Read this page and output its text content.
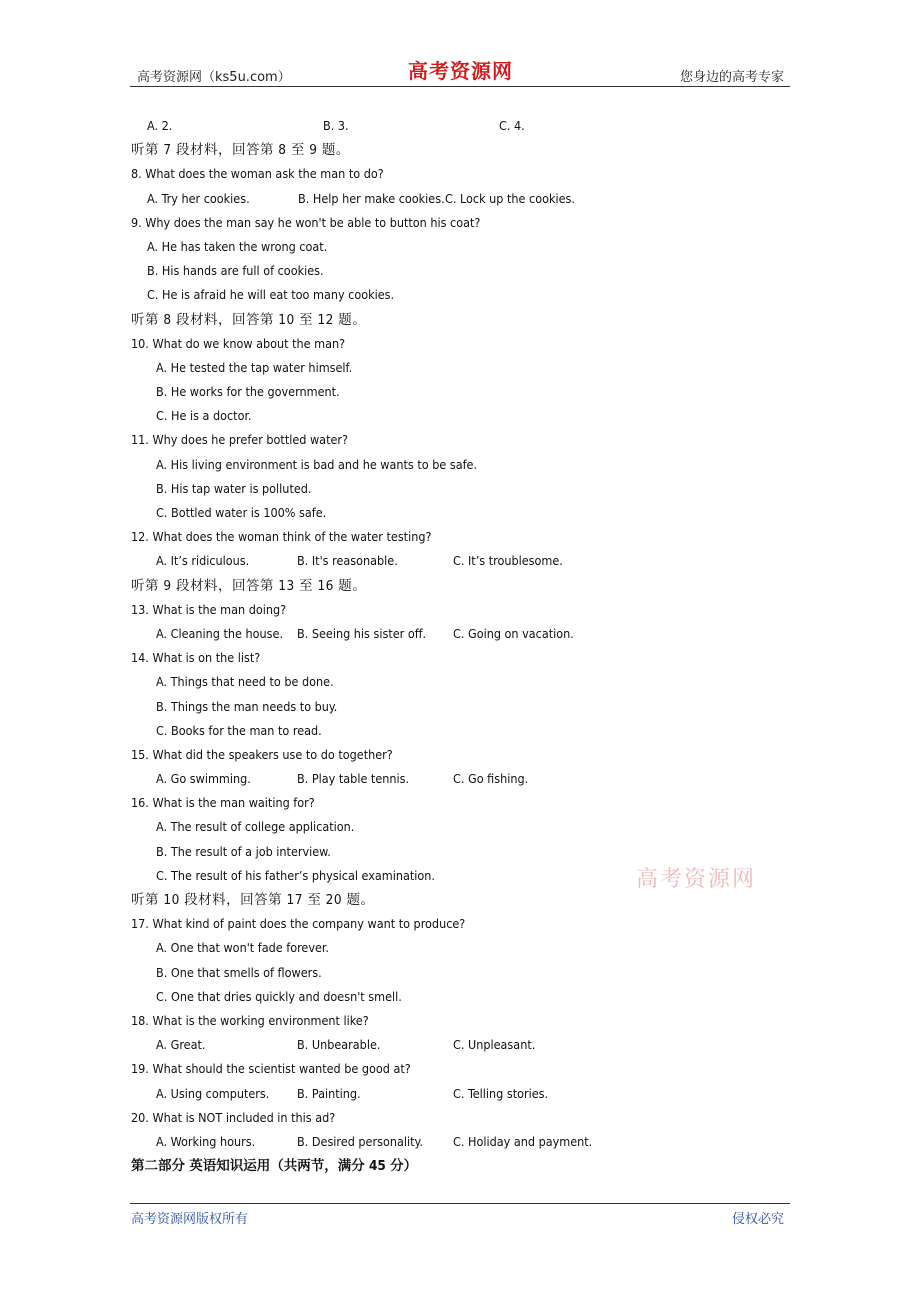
高考资源网（ks5u.com）	高考资源网	您身边的高考专家
A. 2.	B. 3.	C. 4.
听第 7 段材料，回答第 8 至 9 题。
8. What does the woman ask the man to do?
A. Try her cookies.	B. Help her make cookies.C. Lock up the cookies.
9. Why does the man say he won't be able to button his coat?
A. He has taken the wrong coat.
B. His hands are full of cookies.
C. He is afraid he will eat too many cookies.
听第 8 段材料，回答第 10 至 12 题。
10. What do we know about the man?
A. He tested the tap water himself.
B. He works for the government.
C. He is a doctor.
11. Why does he prefer bottled water?
A. His living environment is bad and he wants to be safe.
B. His tap water is polluted.
C. Bottled water is 100% safe.
12. What does the woman think of the water testing?
A. It’s ridiculous.	B. It's reasonable.	C. It’s troublesome.
听第 9 段材料，回答第 13 至 16 题。
13. What is the man doing?
A. Cleaning the house. B. Seeing his sister off. C. Going on vacation.
14. What is on the list?
A. Things that need to be done.
B. Things the man needs to buy.
C. Books for the man to read.
15. What did the speakers use to do together?
A. Go swimming.	B. Play table tennis.	C. Go fishing.
16. What is the man waiting for?
A. The result of college application.
B. The result of a job interview.
C. The result of his father’s physical examination.
听第 10 段材料，回答第 17 至 20 题。
17. What kind of paint does the company want to produce?
A. One that won't fade forever.
B. One that smells of flowers.
C. One that dries quickly and doesn't smell.
18. What is the working environment like?
A. Great.	B. Unbearable.	C. Unpleasant.
19. What should the scientist wanted be good at?
A. Using computers. B. Painting.	C. Telling stories.
20. What is NOT included in this ad?
A. Working hours.	B. Desired personality. C. Holiday and payment.
第二部分 英语知识运用（共两节，满分 45 分）
高考资源网
高考资源网版权所有	侵权必究
